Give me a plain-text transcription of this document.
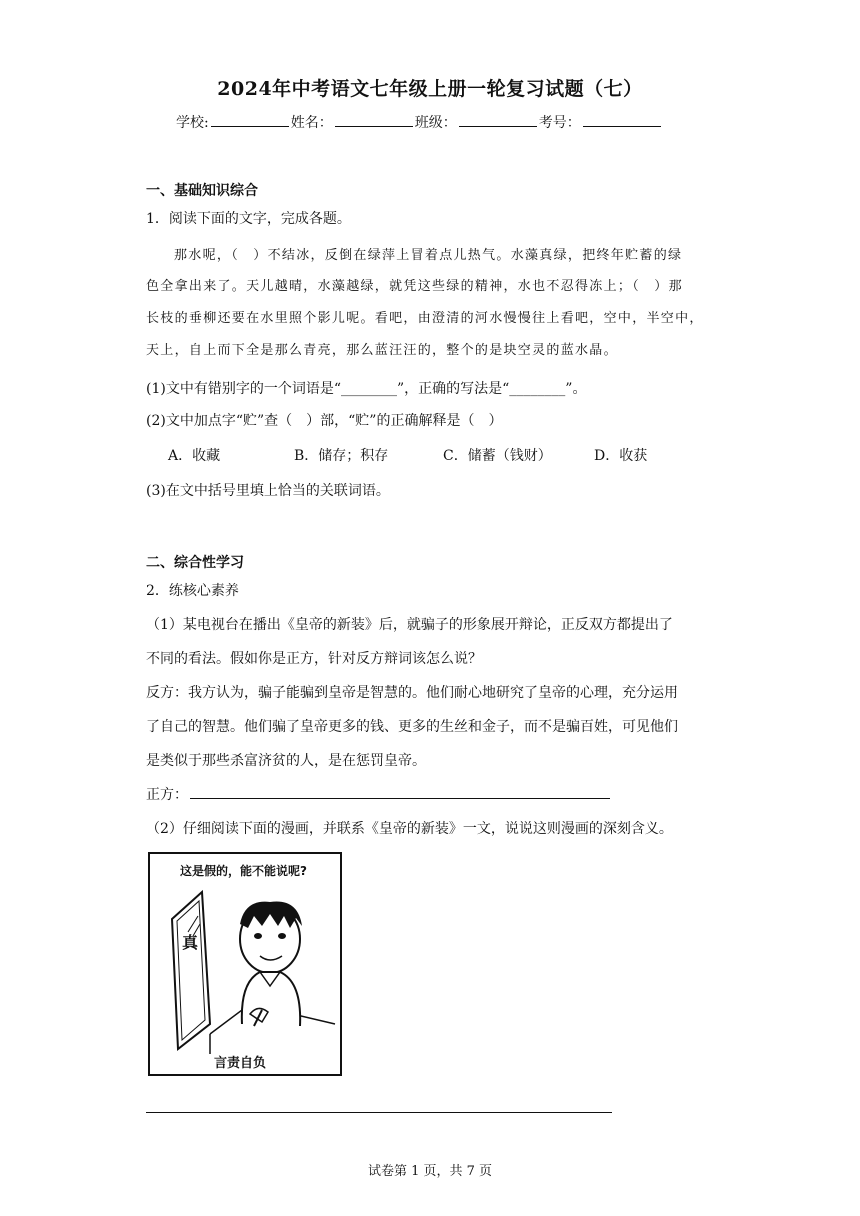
2024年中考语文七年级上册一轮复习试题（七）
学校:	姓名：	班级：	考号：
一、基础知识综合
1．阅读下面的文字，完成各题。
那水呢，（　）不结冰，反倒在绿萍上冒着点儿热气。水藻真绿，把终年贮蓄的绿
色全拿出来了。天儿越晴，水藻越绿，就凭这些绿的精神，水也不忍得冻上；（　）那
长枝的垂柳还要在水里照个影儿呢。看吧，由澄清的河水慢慢往上看吧，空中，半空中，
天上，自上而下全是那么青亮，那么蓝汪汪的，整个的是块空灵的蓝水晶。
(1)文中有错别字的一个词语是“________”，正确的写法是“________”。
(2)文中加点字“贮”查（　）部，“贮”的正确解释是（　）
A．收藏	B．储存；积存	C．储蓄（钱财）	D．收获
(3)在文中括号里填上恰当的关联词语。
二、综合性学习
2．练核心素养
（1）某电视台在播出《皇帝的新装》后，就骗子的形象展开辩论，正反双方都提出了
不同的看法。假如你是正方，针对反方辩词该怎么说？
反方：我方认为，骗子能骗到皇帝是智慧的。他们耐心地研究了皇帝的心理，充分运用
了自己的智慧。他们骗了皇帝更多的钱、更多的生丝和金子，而不是骗百姓，可见他们
是类似于那些杀富济贫的人，是在惩罚皇帝。
正方：
（2）仔细阅读下面的漫画，并联系《皇帝的新装》一文，说说这则漫画的深刻含义。
这是假的，能不能说呢?
真
言责自负
试卷第 1 页，共 7 页
